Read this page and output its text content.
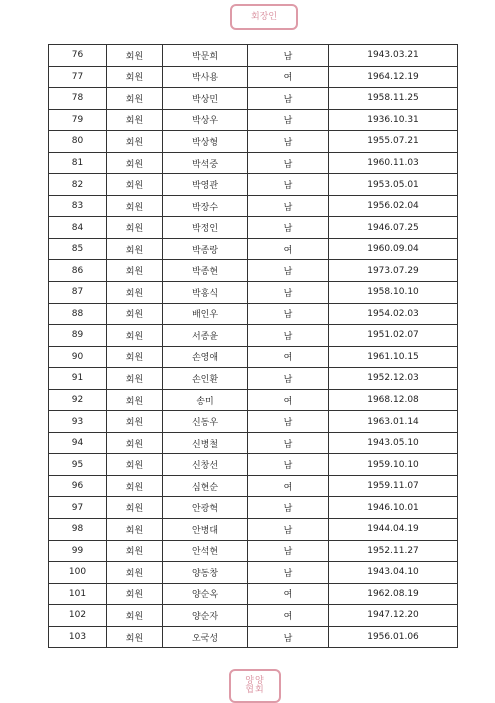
회장인
76	회원	박문희	남	1943.03.21
77	회원	박사용	여	1964.12.19
78	회원	박상민	남	1958.11.25
79	회원	박상우	남	1936.10.31
80	회원	박상형	남	1955.07.21
81	회원	박석중	남	1960.11.03
82	회원	박영관	남	1953.05.01
83	회원	박장수	남	1956.02.04
84	회원	박정인	남	1946.07.25
85	회원	박종랑	여	1960.09.04
86	회원	박종현	남	1973.07.29
87	회원	박홍식	남	1958.10.10
88	회원	배인우	남	1954.02.03
89	회원	서종윤	남	1951.02.07
90	회원	손영애	여	1961.10.15
91	회원	손인환	남	1952.12.03
92	회원	송미	여	1968.12.08
93	회원	신동우	남	1963.01.14
94	회원	신병철	남	1943.05.10
95	회원	신창선	남	1959.10.10
96	회원	심현순	여	1959.11.07
97	회원	안광혁	남	1946.10.01
98	회원	안병대	남	1944.04.19
99	회원	안석현	남	1952.11.27
100	회원	양동창	남	1943.04.10
101	회원	양순옥	여	1962.08.19
102	회원	양순자	여	1947.12.20
103	회원	오국성	남	1956.01.06
양양
협회
